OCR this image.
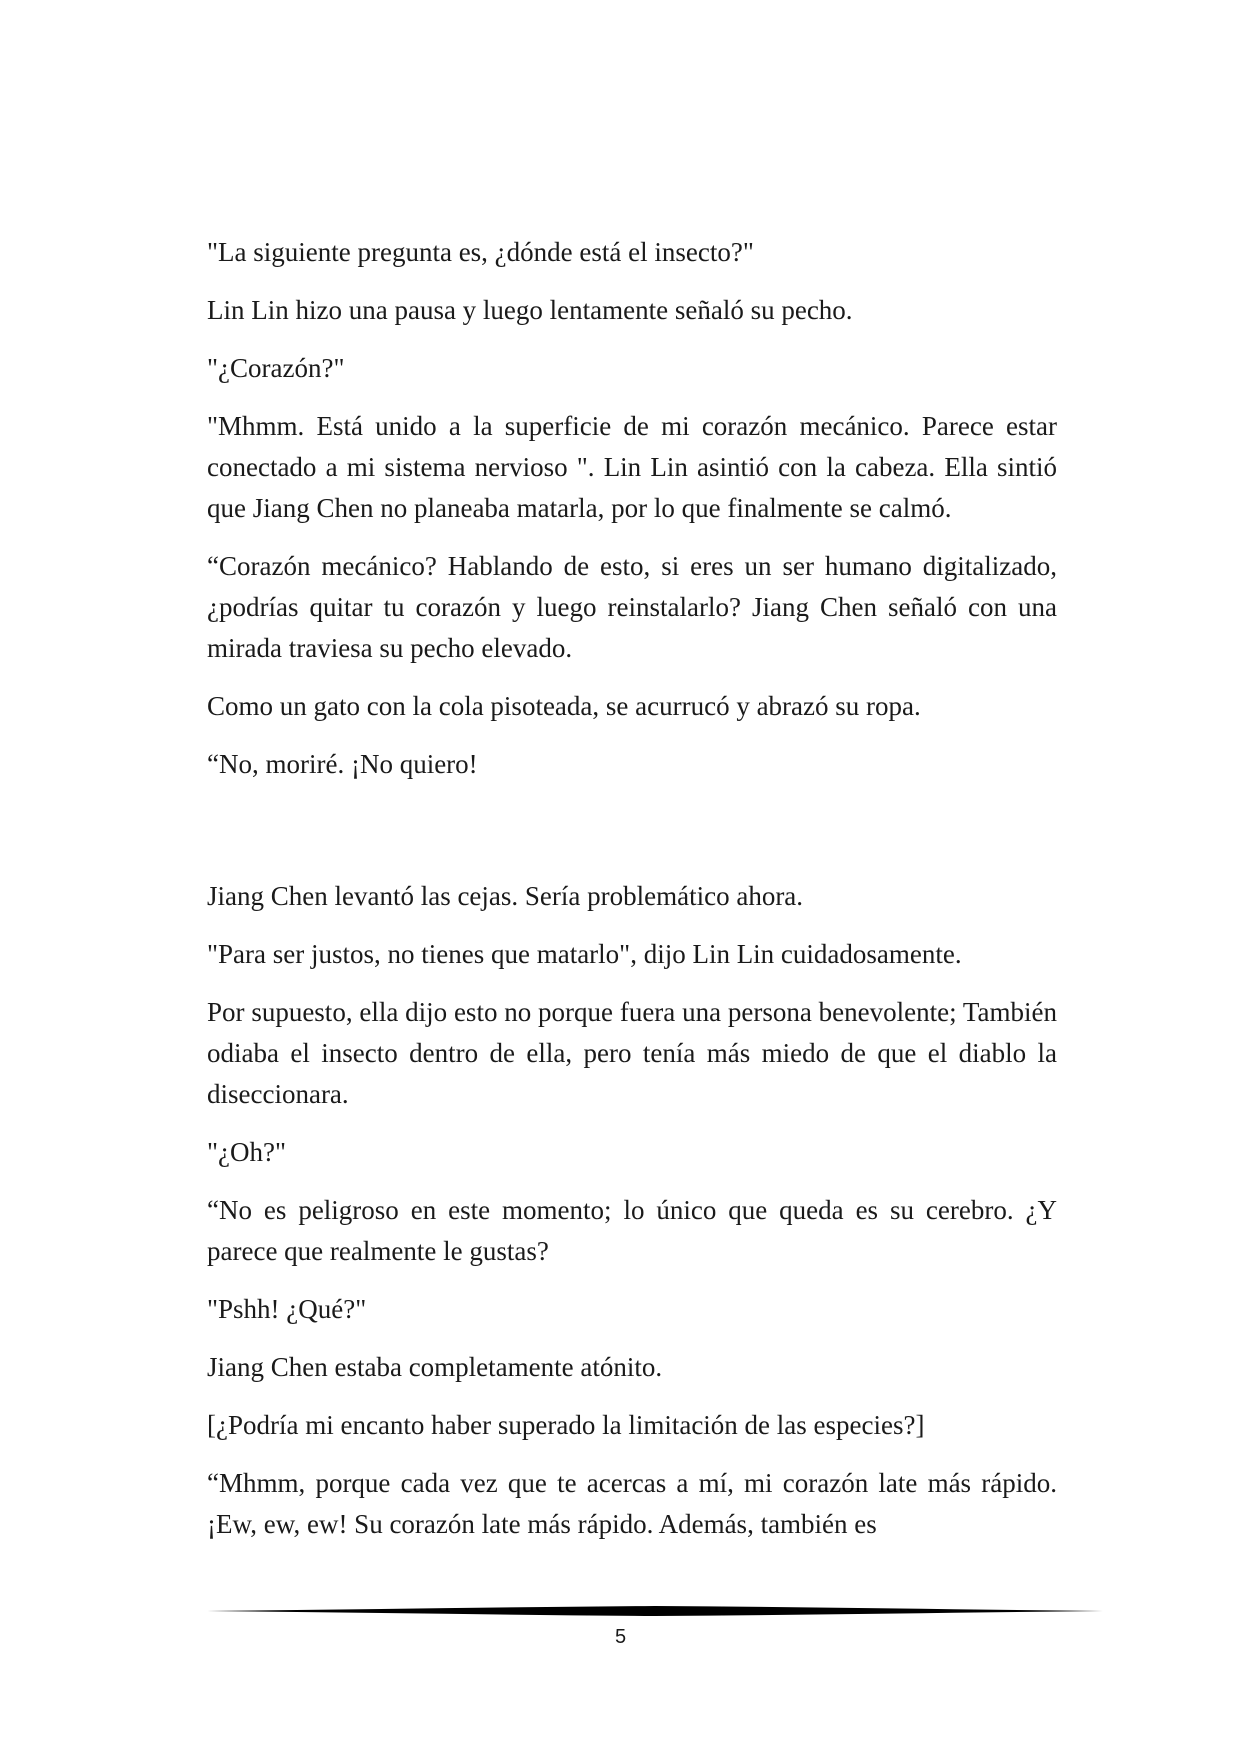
"La siguiente pregunta es, ¿dónde está el insecto?"

Lin Lin hizo una pausa y luego lentamente señaló su pecho.

"¿Corazón?"

"Mhmm. Está unido a la superficie de mi corazón mecánico. Parece estar conectado a mi sistema nervioso ". Lin Lin asintió con la cabeza. Ella sintió que Jiang Chen no planeaba matarla, por lo que finalmente se calmó.

“Corazón mecánico? Hablando de esto, si eres un ser humano digitalizado, ¿podrías quitar tu corazón y luego reinstalarlo? Jiang Chen señaló con una mirada traviesa su pecho elevado.

Como un gato con la cola pisoteada, se acurrucó y abrazó su ropa.

“No, moriré. ¡No quiero!

Jiang Chen levantó las cejas. Sería problemático ahora.

"Para ser justos, no tienes que matarlo", dijo Lin Lin cuidadosamente.

Por supuesto, ella dijo esto no porque fuera una persona benevolente; También odiaba el insecto dentro de ella, pero tenía más miedo de que el diablo la diseccionara.

"¿Oh?"

“No es peligroso en este momento; lo único que queda es su cerebro. ¿Y parece que realmente le gustas?

"Pshh! ¿Qué?"

Jiang Chen estaba completamente atónito.

[¿Podría mi encanto haber superado la limitación de las especies?]

“Mhmm, porque cada vez que te acercas a mí, mi corazón late más rápido. ¡Ew, ew, ew! Su corazón late más rápido. Además, también es

5
